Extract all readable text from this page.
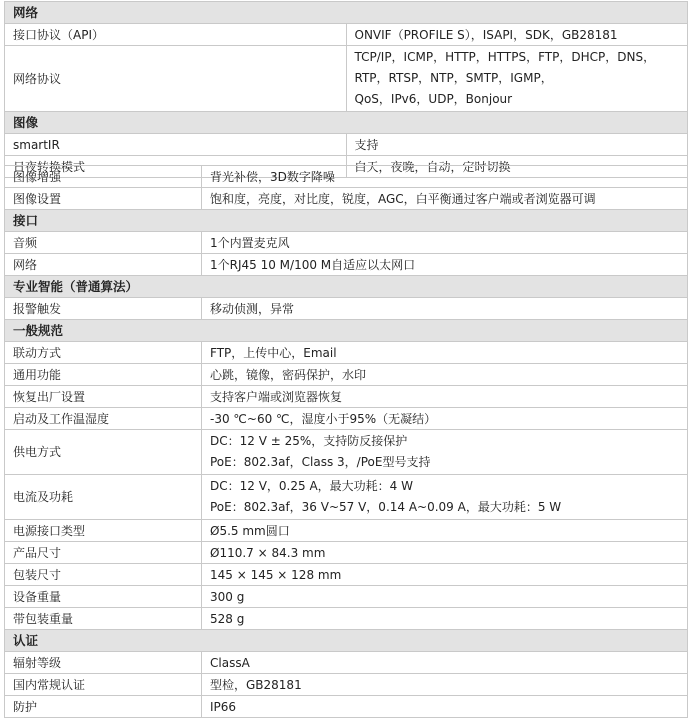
网络	
接口协议（API）	ONVIF（PROFILE S），ISAPI，SDK，GB28181

网络协议	TCP/IP，ICMP，HTTP，HTTPS，FTP，DHCP，DNS，RTP，RTSP，NTP，SMTP，IGMP，
QoS，IPv6，UDP，Bonjour

图像	
smartIR	支持

日夜转换模式	白天，夜晚，自动，定时切换
图像增强	背光补偿，3D数字降噪

图像设置	饱和度，亮度，对比度，锐度，AGC，白平衡通过客户端或者浏览器可调

接口	
音频	1个内置麦克风

网络	1个RJ45 10 M/100 M自适应以太网口

专业智能（普通算法）	
报警触发	移动侦测，异常

一般规范	
联动方式	FTP，上传中心，Email

通用功能	心跳，镜像，密码保护，水印

恢复出厂设置	支持客户端或浏览器恢复

启动及工作温湿度	-30 ℃~60 ℃，湿度小于95%（无凝结）

供电方式	DC：12 V ± 25%，支持防反接保护
PoE：802.3af，Class 3，/PoE型号支持

电流及功耗	DC：12 V，0.25 A，最大功耗：4 W
PoE：802.3af，36 V~57 V，0.14 A~0.09 A，最大功耗：5 W

电源接口类型	Ø5.5 mm圆口

产品尺寸	Ø110.7 × 84.3 mm

包装尺寸	145 × 145 × 128 mm

设备重量	300 g

带包装重量	528 g

认证	
辐射等级	ClassA

国内常规认证	型检，GB28181

防护	IP66
